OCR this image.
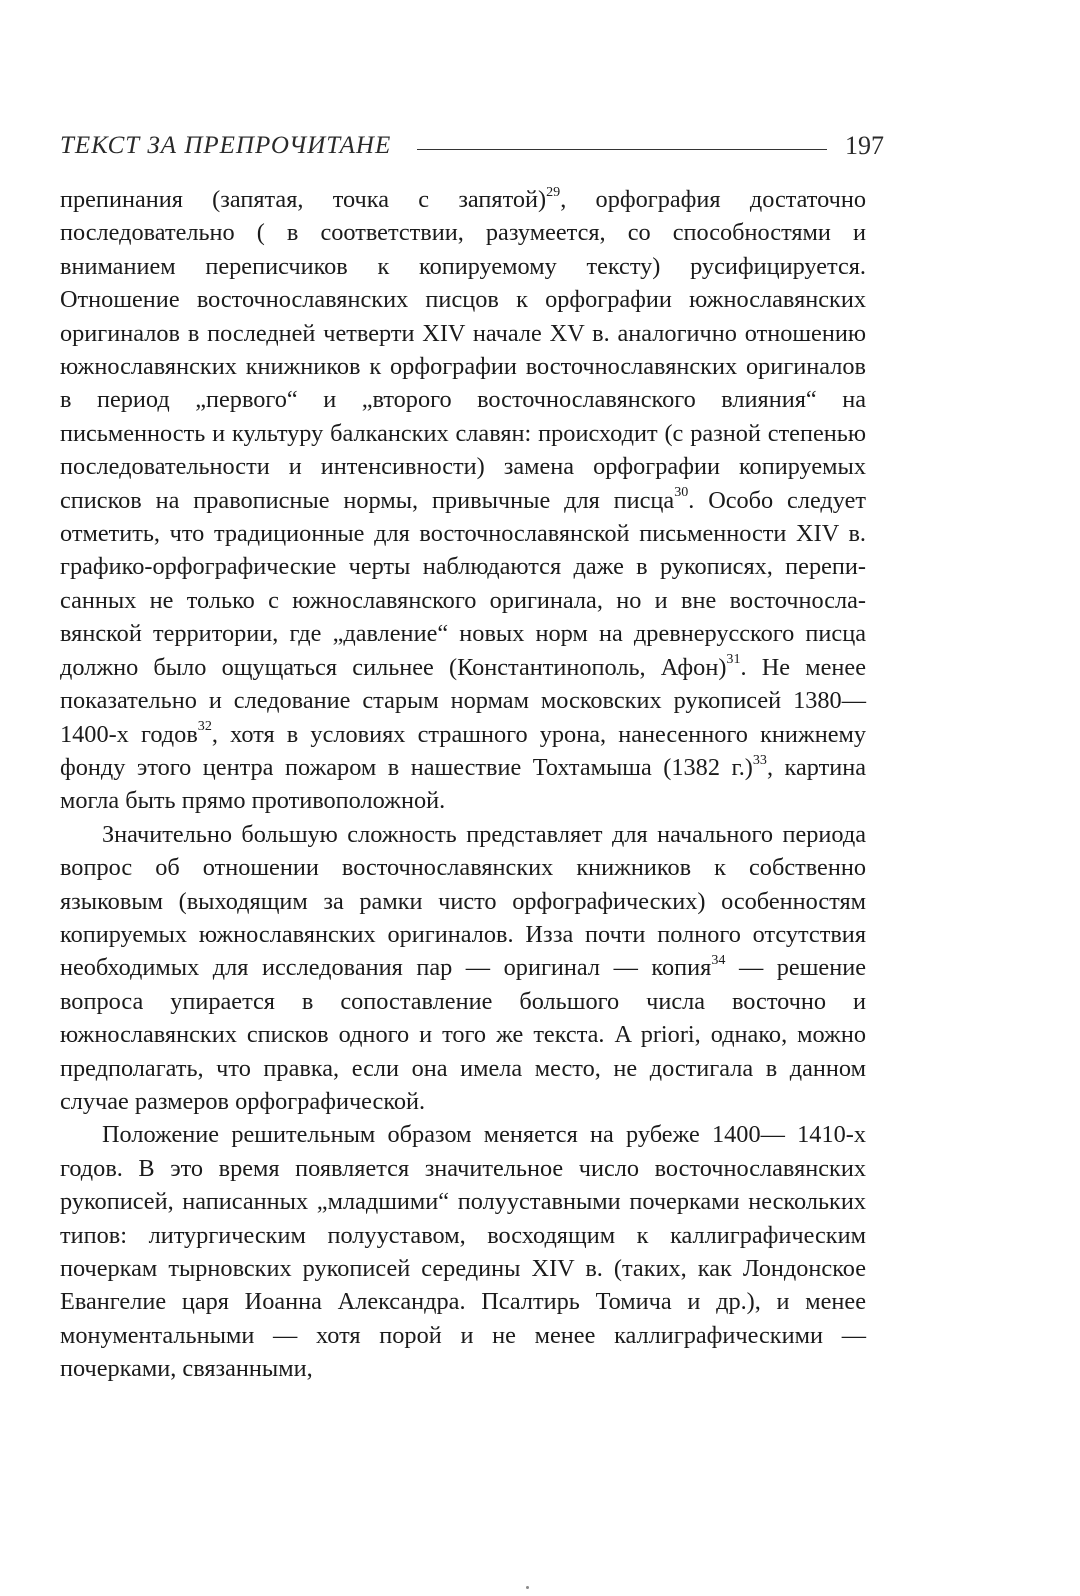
ТЕКСТ ЗА ПРЕПРОЧИТАНЕ	197

препинания (запятая, точка с запятой)$^{29}$, орфография достаточно последовательно ( в соответствии, разумеется, со способностями и вниманием переписчиков к копируемому тексту) русифицируется. Отношение восточнославянских писцов к орфографии южнославянских оригиналов в последней четверти XIV начале XV в. аналогично отношению южнославянских книжников к орфографии восточнославянских оригиналов в период „первого“ и „второго восточнославянского влияния“ на письменность и культуру балканских славян: происходит (с разной степенью последовательности и интенсивности) замена орфографии копируемых списков на правописные нормы, привычные для писца$^{30}$. Особо следует отметить, что традиционные для восточнославянской письменности XIV в. графико-орфографические черты наблюдаются даже в рукописях, переписанных не только с южнославянского оригинала, но и вне восточнославянской территории, где „давление“ новых норм на древнерусского писца должно было ощущаться сильнее (Константинополь, Афон)$^{31}$. Не менее показательно и следование старым нормам московских рукописей 1380—1400-х годов$^{32}$, хотя в условиях страшного урона, нанесенного книжнему фонду этого центра пожаром в нашествие Тохтамыша (1382 г.)$^{33}$, картина могла быть прямо противоположной.

Значительно большую сложность представляет для начального периода вопрос об отношении восточнославянских книжников к собственно языковым (выходящим за рамки чисто орфографических) особенностям копируемых южнославянских оригиналов. Изза почти полного отсутствия необходимых для исследования пар — оригинал — копия$^{34}$ — решение вопроса упирается в сопоставление большого числа восточно и южнославянских списков одного и того же текста. A priori, однако, можно предполагать, что правка, если она имела место, не достигала в данном случае размеров орфографической.

Положение решительным образом меняется на рубеже 1400— 1410-х годов. В это время появляется значительное число восточнославянских рукописей, написанных „младшими“ полууставными почерками нескольких типов: литургическим полууставом, восходящим к каллиграфическим почеркам тырновских рукописей середины XIV в. (таких, как Лондонское Евангелие царя Иоанна Александра. Псалтирь Томича и др.), и менее монументальными — хотя порой и не менее каллиграфическими — почерками, связанными,
